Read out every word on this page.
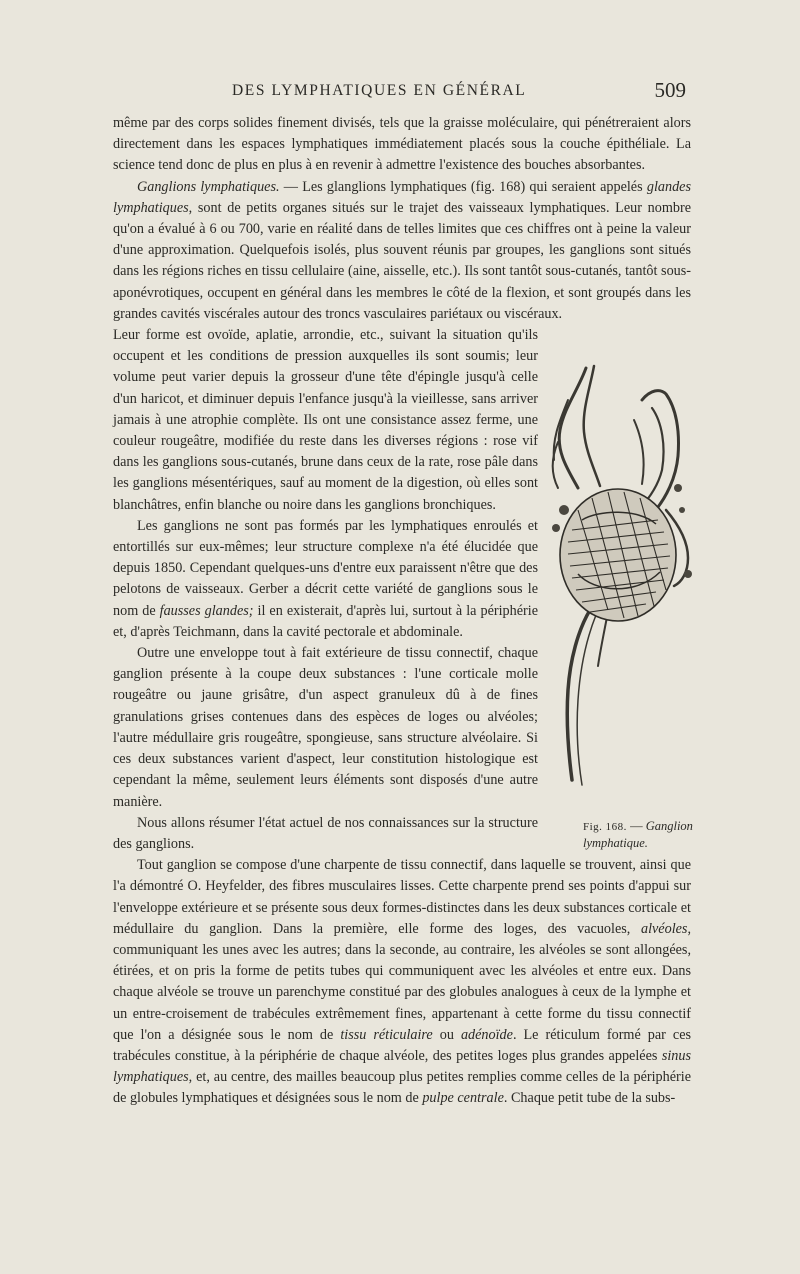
DES LYMPHATIQUES EN GÉNÉRAL	509

même par des corps solides finement divisés, tels que la graisse moléculaire, qui pénétreraient alors directement dans les espaces lymphatiques immédiatement placés sous la couche épithéliale. La science tend donc de plus en plus à en revenir à admettre l'existence des bouches absorbantes.

Ganglions lymphatiques. — Les glanglions lymphatiques (fig. 168) qui seraient appelés glandes lymphatiques, sont de petits organes situés sur le trajet des vaisseaux lymphatiques. Leur nombre qu'on a évalué à 6 ou 700, varie en réalité dans de telles limites que ces chiffres ont à peine la valeur d'une approximation. Quelquefois isolés, plus souvent réunis par groupes, les ganglions sont situés dans les régions riches en tissu cellulaire (aine, aisselle, etc.). Ils sont tantôt sous-cutanés, tantôt sous-aponévrotiques, occupent en général dans les membres le côté de la flexion, et sont groupés dans les grandes cavités viscérales autour des troncs vasculaires pariétaux ou viscéraux.

Leur forme est ovoïde, aplatie, arrondie, etc., suivant la situation qu'ils occupent et les conditions de pression auxquelles ils sont soumis; leur volume peut varier depuis la grosseur d'une tête d'épingle jusqu'à celle d'un haricot, et diminuer depuis l'enfance jusqu'à la vieillesse, sans arriver jamais à une atrophie complète. Ils ont une consistance assez ferme, une couleur rougeâtre, modifiée du reste dans les diverses régions : rose vif dans les ganglions sous-cutanés, brune dans ceux de la rate, rose pâle dans les ganglions mésentériques, sauf au moment de la digestion, où elles sont blanchâtres, enfin blanche ou noire dans les ganglions bronchiques.

Les ganglions ne sont pas formés par les lymphatiques enroulés et entortillés sur eux-mêmes; leur structure complexe n'a été élucidée que depuis 1850. Cependant quelques-uns d'entre eux paraissent n'être que des pelotons de vaisseaux. Gerber a décrit cette variété de ganglions sous le nom de fausses glandes; il en existerait, d'après lui, surtout à la périphérie et, d'après Teichmann, dans la cavité pectorale et abdominale.

Outre une enveloppe tout à fait extérieure de tissu connectif, chaque ganglion présente à la coupe deux substances : l'une corticale molle rougeâtre ou jaune grisâtre, d'un aspect granuleux dû à de fines granulations grises contenues dans des espèces de loges ou alvéoles; l'autre médullaire gris rougeâtre, spongieuse, sans structure alvéolaire. Si ces deux substances varient d'aspect, leur constitution histologique est cependant la même, seulement leurs éléments sont disposés d'une autre manière.

Nous allons résumer l'état actuel de nos connaissances sur la structure des ganglions.

Tout ganglion se compose d'une charpente de tissu connectif, dans laquelle se trouvent, ainsi que l'a démontré O. Heyfelder, des fibres musculaires lisses. Cette charpente prend ses points d'appui sur l'enveloppe extérieure et se présente sous deux formes-distinctes dans les deux substances corticale et médullaire du ganglion. Dans la première, elle forme des loges, des vacuoles, alvéoles, communiquant les unes avec les autres; dans la seconde, au contraire, les alvéoles se sont allongées, étirées, et on pris la forme de petits tubes qui communiquent avec les alvéoles et entre eux. Dans chaque alvéole se trouve un parenchyme constitué par des globules analogues à ceux de la lymphe et un entre-croisement de trabécules extrêmement fines, appartenant à cette forme du tissu connectif que l'on a désignée sous le nom de tissu réticulaire ou adénoïde. Le réticulum formé par ces trabécules constitue, à la périphérie de chaque alvéole, des petites loges plus grandes appelées sinus lymphatiques, et, au centre, des mailles beaucoup plus petites remplies comme celles de la périphérie de globules lymphatiques et désignées sous le nom de pulpe centrale. Chaque petit tube de la subs-

Fig. 168. — Ganglion lymphatique.
